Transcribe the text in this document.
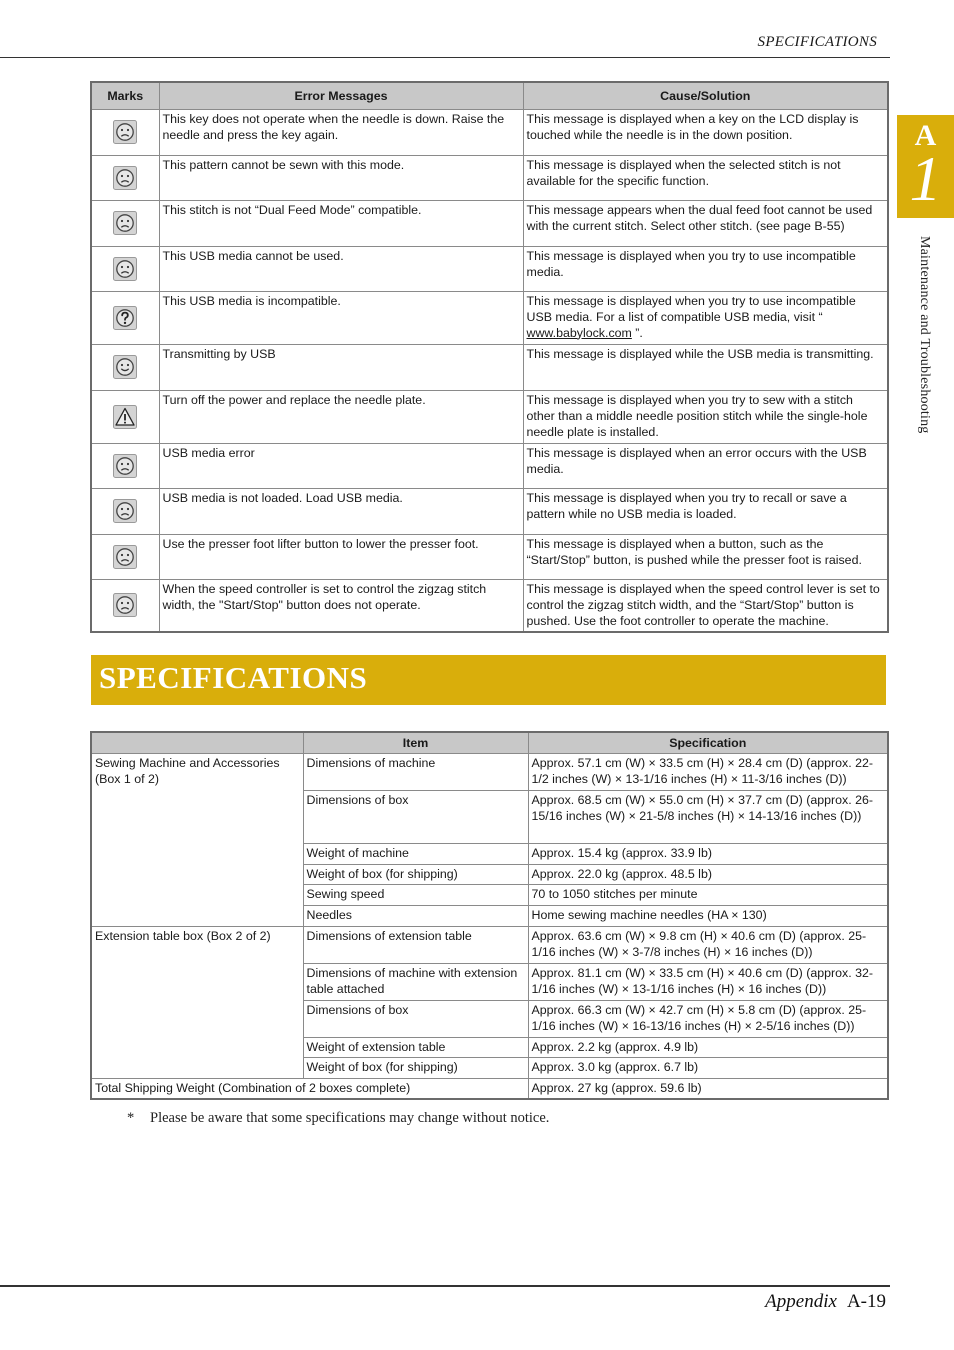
SPECIFICATIONS
A
1
Maintenance and Troubleshooting
Marks	Error Messages	Cause/Solution

	This key does not operate when the needle is down. Raise the needle and press the key again.	This message is displayed when a key on the LCD display is touched while the needle is in the down position.

	This pattern cannot be sewn with this mode.	This message is displayed when the selected stitch is not available for the specific function.

	This stitch is not “Dual Feed Mode” compatible.	This message appears when the dual feed foot cannot be used with the current stitch. Select other stitch. (see page B-55)

	This USB media cannot be used.	This message is displayed when you try to use incompatible media.

	This USB media is incompatible.	This message is displayed when you try to use incompatible USB media. For a list of compatible USB media, visit “ www.babylock.com ”.

	Transmitting by USB	This message is displayed while the USB media is transmitting.

	Turn off the power and replace the needle plate.	This message is displayed when you try to sew with a stitch other than a middle needle position stitch while the single-hole needle plate is installed.

	USB media error	This message is displayed when an error occurs with the USB media.

	USB media is not loaded. Load USB media.	This message is displayed when you try to recall or save a pattern while no USB media is loaded.

	Use the presser foot lifter button to lower the presser foot.	This message is displayed when a button, such as the “Start/Stop” button, is pushed while the presser foot is raised.

	When the speed controller is set to control the zigzag stitch width, the "Start/Stop" button does not operate.	This message is displayed when the speed control lever is set to control the zigzag stitch width, and the “Start/Stop” button is pushed. Use the foot controller to operate the machine.
SPECIFICATIONS
	Item	Specification
Sewing Machine and Accessories (Box 1 of 2)	Dimensions of machine	Approx. 57.1 cm (W) × 33.5 cm (H) × 28.4 cm (D) (approx. 22-1/2 inches (W) × 13-1/16 inches (H) × 11-3/16 inches (D))
	Dimensions of box	Approx. 68.5 cm (W) × 55.0 cm (H) × 37.7 cm (D) (approx. 26-15/16 inches (W) × 21-5/8 inches (H) × 14-13/16 inches (D))
	Weight of machine	Approx. 15.4 kg (approx. 33.9 lb)
	Weight of box (for shipping)	Approx. 22.0 kg (approx. 48.5 lb)
	Sewing speed	70 to 1050 stitches per minute
	Needles	Home sewing machine needles (HA × 130)
Extension table box (Box 2 of 2)	Dimensions of extension table	Approx. 63.6 cm (W) × 9.8 cm (H) × 40.6 cm (D) (approx. 25-1/16 inches (W) × 3-7/8 inches (H) × 16 inches (D))
	Dimensions of machine with extension table attached	Approx. 81.1 cm (W) × 33.5 cm (H) × 40.6 cm (D) (approx. 32-1/16 inches (W) × 13-1/16 inches (H) × 16 inches (D))
	Dimensions of box	Approx. 66.3 cm (W) × 42.7 cm (H) × 5.8 cm (D) (approx. 25-1/16 inches (W) × 16-13/16 inches (H) × 2-5/16 inches (D))
	Weight of extension table	Approx. 2.2 kg (approx. 4.9 lb)
	Weight of box (for shipping)	Approx. 3.0 kg (approx. 6.7 lb)
Total Shipping Weight (Combination of 2 boxes complete)		Approx. 27 kg (approx. 59.6 lb)
* Please be aware that some specifications may change without notice.
Appendix A-19
